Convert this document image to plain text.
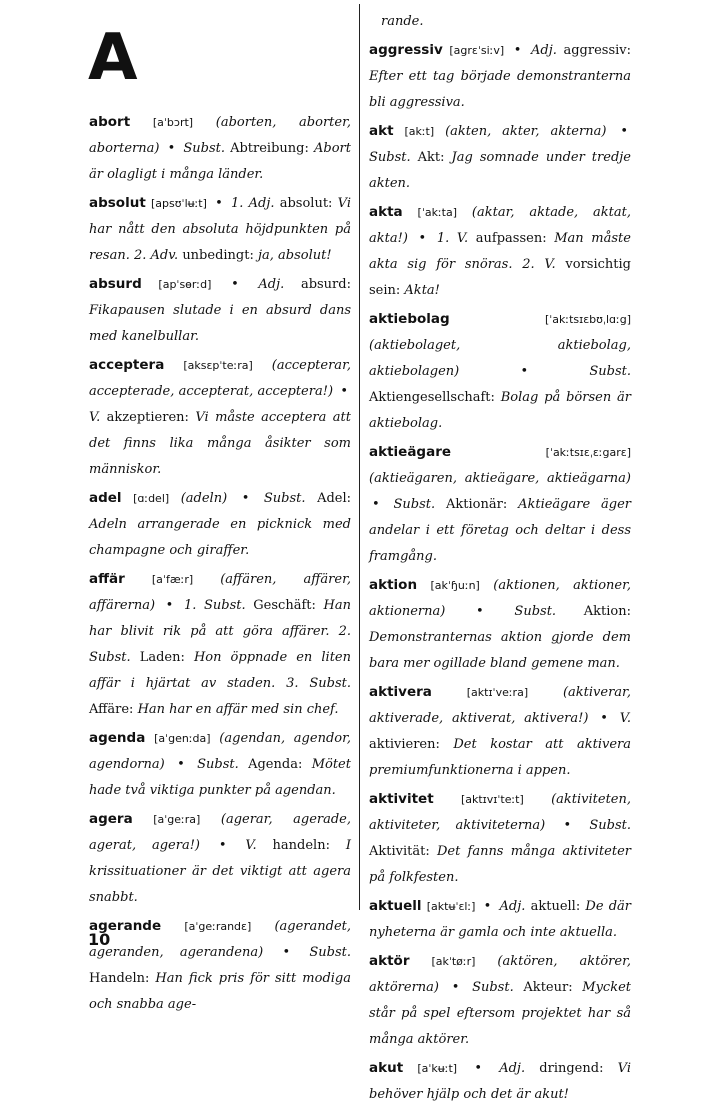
A

abort [aˈbɔrt] (aborten, aborter, aborterna) • Subst. Abtreibung: Abort är olagligt i många länder.

absolut [apsʊˈlʉːt] • 1. Adj. absolut: Vi har nått den absoluta höjdpunkten på resan. 2. Adv. unbedingt: ja, absolut!

absurd [apˈsɵrːd] • Adj. absurd: Fikapausen slutade i en absurd dans med kanelbullar.

acceptera [aksɛpˈteːra] (accepterar, accepterade, accepterat, acceptera!) • V. akzeptieren: Vi måste acceptera att det finns lika många åsikter som människor.

adel [ɑːdel] (adeln) • Subst. Adel: Adeln arrangerade en picknick med champagne och giraffer.

affär [aˈfæːr] (affären, affärer, affärerna) • 1. Subst. Geschäft: Han har blivit rik på att göra affärer. 2. Subst. Laden: Hon öppnade en liten affär i hjärtat av staden. 3. Subst. Affäre: Han har en affär med sin chef.

agenda [aˈgenːda] (agendan, agendor, agendorna) • Subst. Agenda: Mötet hade två viktiga punkter på agendan.

agera [aˈgeːra] (agerar, agerade, agerat, agera!) • V. handeln: I krissituationer är det viktigt att agera snabbt.

agerande [aˈgeːrandɛ] (agerandet, ageranden, agerandena) • Subst. Handeln: Han fick pris för sitt modiga och snabba age-

rande.

aggressiv [agrɛˈsiːv] • Adj. aggressiv: Efter ett tag började demonstranterna bli aggressiva.

akt [akːt] (akten, akter, akterna) • Subst. Akt: Jag somnade under tredje akten.

akta [ˈakːta] (aktar, aktade, aktat, akta!) • 1. V. aufpassen: Man måste akta sig för snöras. 2. V. vorsichtig sein: Akta!

aktiebolag	[ˈakːtsɪɛbʊˌlɑːg] (aktiebolaget, aktiebolag, aktiebolagen)	•	Subst. Aktiengesellschaft: Bolag på börsen är aktiebolag.

aktieägare	[ˈakːtsɪɛˌɛːgarɛ] (aktieägaren, aktieägare, aktieägarna) • Subst. Aktionär: Aktieägare äger andelar i ett företag och deltar i dess framgång.

aktion [akˈɧuːn] (aktionen, aktioner, aktionerna) • Subst. Aktion: Demonstranternas aktion gjorde dem bara mer ogillade bland gemene man.

aktivera	[aktɪˈveːra]	(aktiverar, aktiverade, aktiverat, aktivera!) • V. aktivieren: Det kostar att aktivera premiumfunktionerna i appen.

aktivitet [aktɪvɪˈteːt] (aktiviteten, aktiviteter, aktiviteterna) • Subst. Aktivität: Det fanns många aktiviteter på folkfesten.

aktuell [aktʉˈɛlː] • Adj. aktuell: De där nyheterna är gamla och inte aktuella.

aktör [akˈtøːr] (aktören, aktörer, aktörerna) • Subst. Akteur: Mycket står på spel eftersom projektet har så många aktörer.

akut [aˈkʉːt] • Adj. dringend: Vi behöver hjälp och det är akut!

10
